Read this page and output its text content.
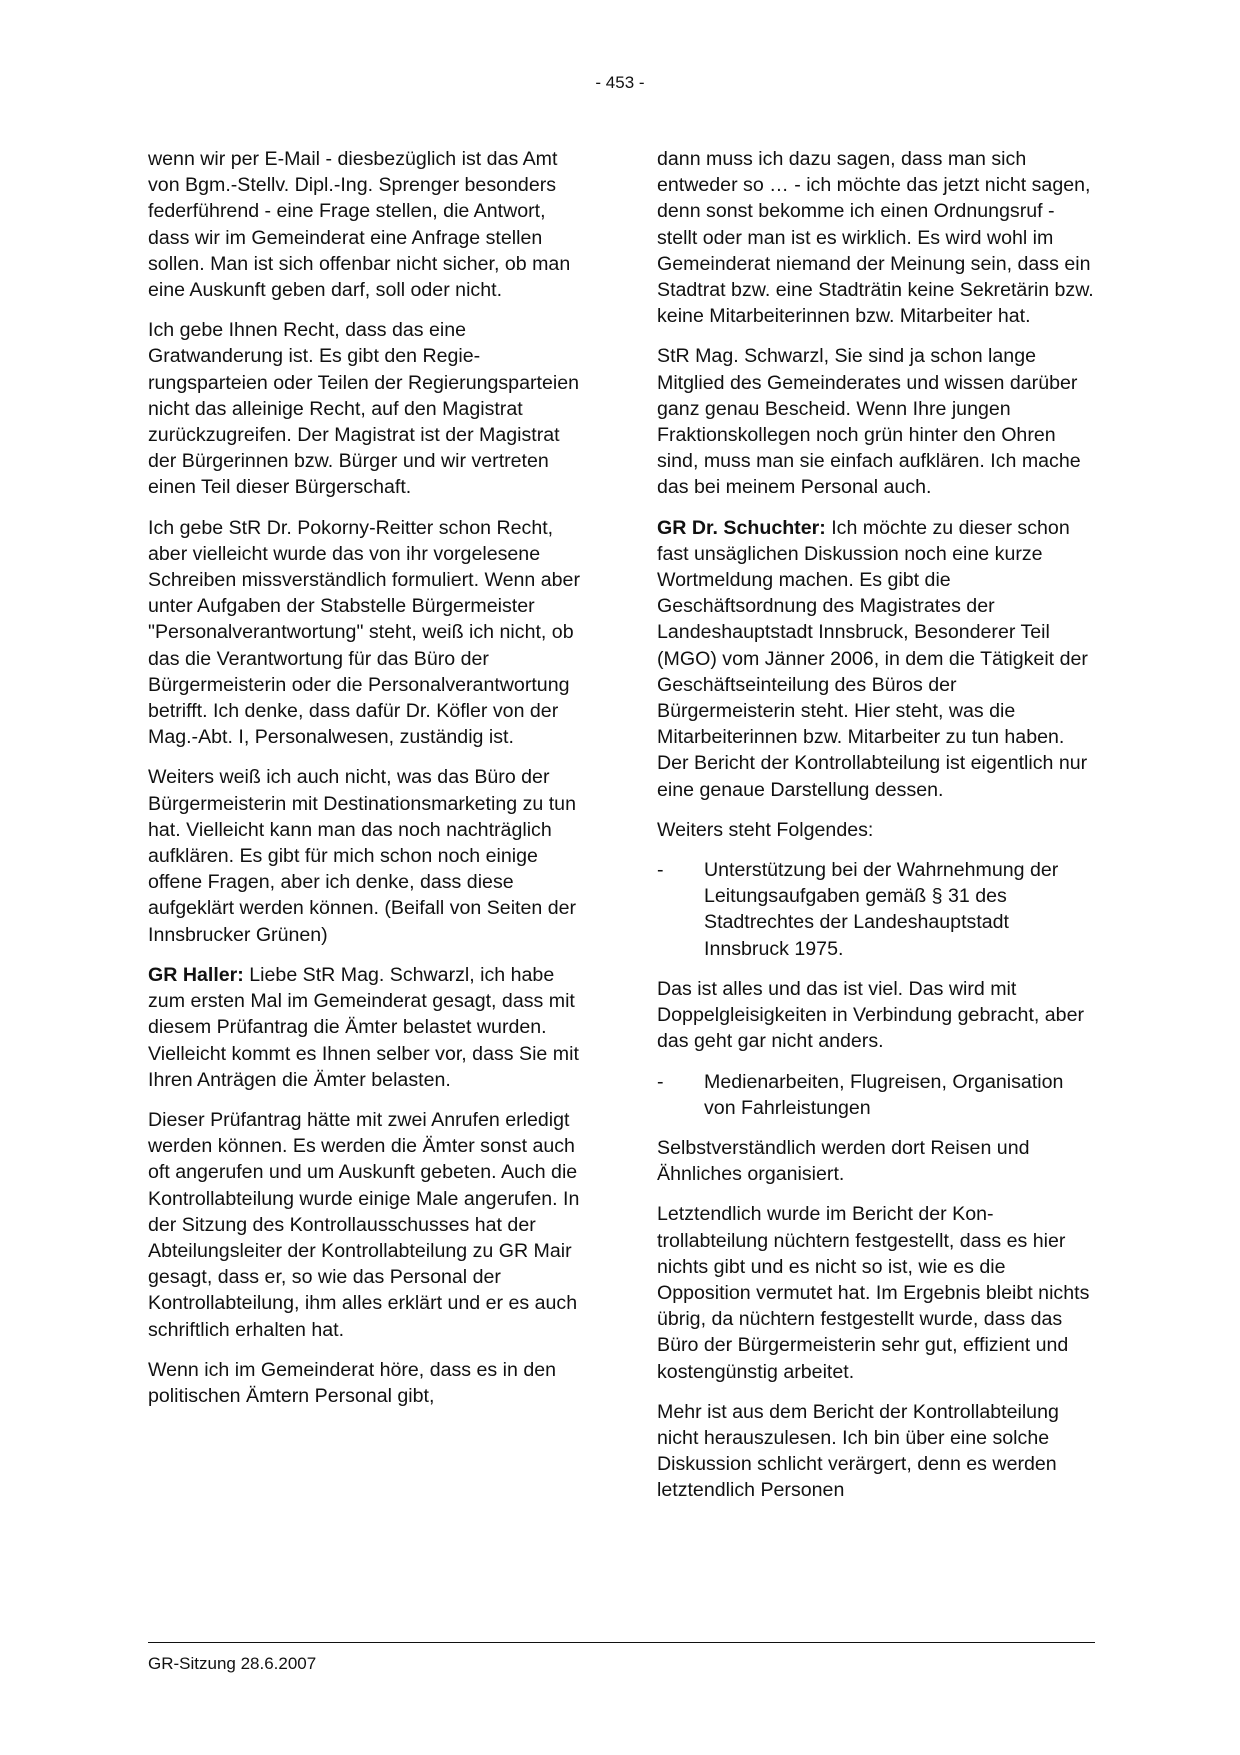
- 453 -

wenn wir per E-Mail - diesbezüglich ist das Amt von Bgm.-Stellv. Dipl.-Ing. Sprenger besonders federführend - eine Frage stellen, die Antwort, dass wir im Gemeinderat eine Anfrage stellen sollen. Man ist sich offenbar nicht sicher, ob man eine Auskunft geben darf, soll oder nicht.

Ich gebe Ihnen Recht, dass das eine Gratwanderung ist. Es gibt den Regierungsparteien oder Teilen der Regierungsparteien nicht das alleinige Recht, auf den Magistrat zurückzugreifen. Der Magistrat ist der Magistrat der Bürgerinnen bzw. Bürger und wir vertreten einen Teil dieser Bürgerschaft.

Ich gebe StR Dr. Pokorny-Reitter schon Recht, aber vielleicht wurde das von ihr vorgelesene Schreiben missverständlich formuliert. Wenn aber unter Aufgaben der Stabstelle Bürgermeister "Personalverantwortung" steht, weiß ich nicht, ob das die Verantwortung für das Büro der Bürgermeisterin oder die Personalverantwortung betrifft. Ich denke, dass dafür Dr. Köfler von der Mag.-Abt. I, Personalwesen, zuständig ist.

Weiters weiß ich auch nicht, was das Büro der Bürgermeisterin mit Destinationsmarketing zu tun hat. Vielleicht kann man das noch nachträglich aufklären. Es gibt für mich schon noch einige offene Fragen, aber ich denke, dass diese aufgeklärt werden können. (Beifall von Seiten der Innsbrucker Grünen)

GR Haller: Liebe StR Mag. Schwarzl, ich habe zum ersten Mal im Gemeinderat gesagt, dass mit diesem Prüfantrag die Ämter belastet wurden. Vielleicht kommt es Ihnen selber vor, dass Sie mit Ihren Anträgen die Ämter belasten.

Dieser Prüfantrag hätte mit zwei Anrufen erledigt werden können. Es werden die Ämter sonst auch oft angerufen und um Auskunft gebeten. Auch die Kontrollabteilung wurde einige Male angerufen. In der Sitzung des Kontrollausschusses hat der Abteilungsleiter der Kontrollabteilung zu GR Mair gesagt, dass er, so wie das Personal der Kontrollabteilung, ihm alles erklärt und er es auch schriftlich erhalten hat.

Wenn ich im Gemeinderat höre, dass es in den politischen Ämtern Personal gibt,

dann muss ich dazu sagen, dass man sich entweder so … - ich möchte das jetzt nicht sagen, denn sonst bekomme ich einen Ordnungsruf - stellt oder man ist es wirklich. Es wird wohl im Gemeinderat niemand der Meinung sein, dass ein Stadtrat bzw. eine Stadträtin keine Sekretärin bzw. keine Mitarbeiterinnen bzw. Mitarbeiter hat.

StR Mag. Schwarzl, Sie sind ja schon lange Mitglied des Gemeinderates und wissen darüber ganz genau Bescheid. Wenn Ihre jungen Fraktionskollegen noch grün hinter den Ohren sind, muss man sie einfach aufklären. Ich mache das bei meinem Personal auch.

GR Dr. Schuchter: Ich möchte zu dieser schon fast unsäglichen Diskussion noch eine kurze Wortmeldung machen. Es gibt die Geschäftsordnung des Magistrates der Landeshauptstadt Innsbruck, Besonderer Teil (MGO) vom Jänner 2006, in dem die Tätigkeit der Geschäftseinteilung des Büros der Bürgermeisterin steht. Hier steht, was die Mitarbeiterinnen bzw. Mitarbeiter zu tun haben. Der Bericht der Kontrollabteilung ist eigentlich nur eine genaue Darstellung dessen.

Weiters steht Folgendes:

-	Unterstützung bei der Wahrnehmung der Leitungsaufgaben gemäß § 31 des Stadtrechtes der Landeshauptstadt Innsbruck 1975.

Das ist alles und das ist viel. Das wird mit Doppelgleisigkeiten in Verbindung gebracht, aber das geht gar nicht anders.

-	Medienarbeiten, Flugreisen, Organisation von Fahrleistungen

Selbstverständlich werden dort Reisen und Ähnliches organisiert.

Letztendlich wurde im Bericht der Kontrollabteilung nüchtern festgestellt, dass es hier nichts gibt und es nicht so ist, wie es die Opposition vermutet hat. Im Ergebnis bleibt nichts übrig, da nüchtern festgestellt wurde, dass das Büro der Bürgermeisterin sehr gut, effizient und kostengünstig arbeitet.

Mehr ist aus dem Bericht der Kontrollabteilung nicht herauszulesen. Ich bin über eine solche Diskussion schlicht verärgert, denn es werden letztendlich Personen

GR-Sitzung 28.6.2007
